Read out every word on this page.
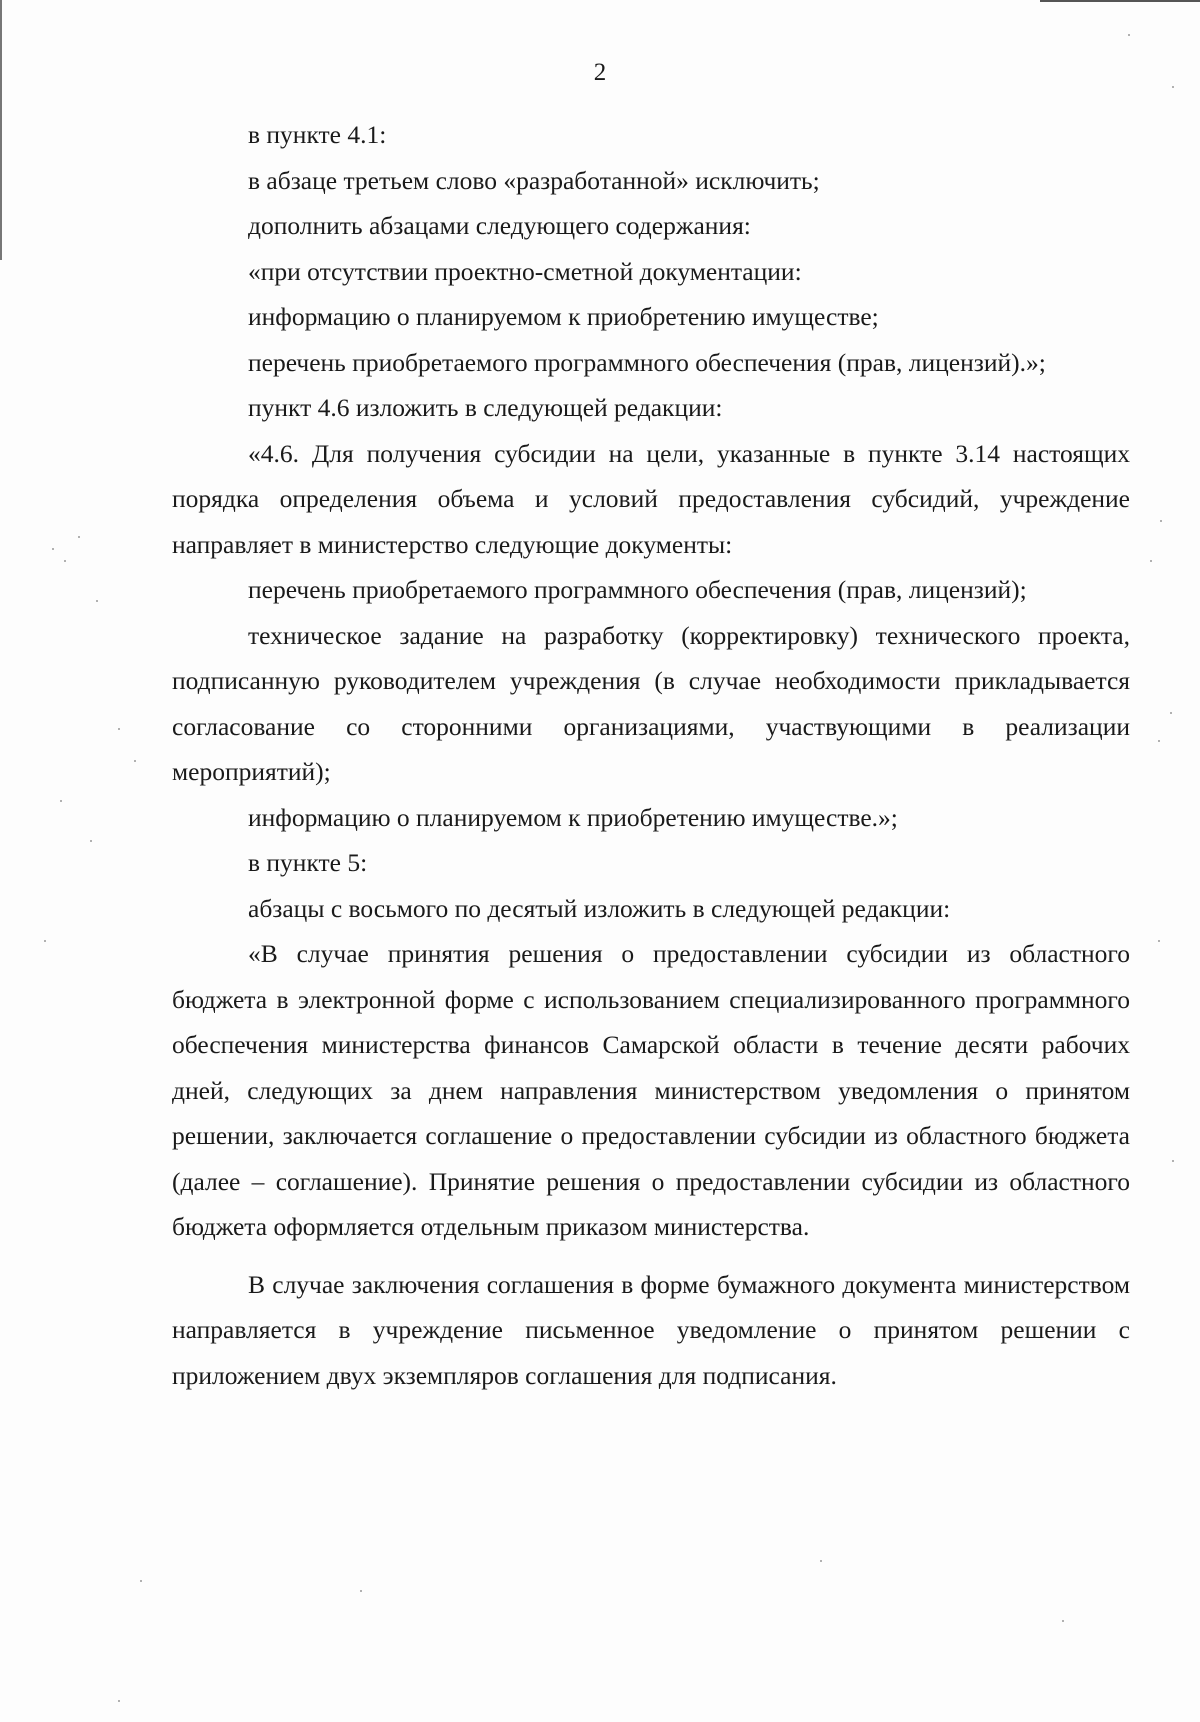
2

в пункте 4.1:

в абзаце третьем слово «разработанной» исключить;

дополнить абзацами следующего содержания:

«при отсутствии проектно-сметной документации:

информацию о планируемом к приобретению имуществе;

перечень приобретаемого программного обеспечения (прав, лицензий).»;

пункт 4.6 изложить в следующей редакции:

«4.6. Для получения субсидии на цели, указанные в пункте 3.14 настоящих порядка определения объема и условий предоставления субсидий, учреждение направляет в министерство следующие документы:

перечень приобретаемого программного обеспечения (прав, лицензий);

техническое задание на разработку (корректировку) технического проекта, подписанную руководителем учреждения (в случае необходимости прикладывается согласование со сторонними организациями, участвующими в реализации мероприятий);

информацию о планируемом к приобретению имуществе.»;

в пункте 5:

абзацы с восьмого по десятый изложить в следующей редакции:

«В случае принятия решения о предоставлении субсидии из областного бюджета в электронной форме с использованием специализированного программного обеспечения министерства финансов Самарской области в течение десяти рабочих дней, следующих за днем направления министерством уведомления о принятом решении, заключается соглашение о предоставлении субсидии из областного бюджета (далее – соглашение). Принятие решения о предоставлении субсидии из областного бюджета оформляется отдельным приказом министерства.

В случае заключения соглашения в форме бумажного документа министерством направляется в учреждение письменное уведомление о принятом решении с приложением двух экземпляров соглашения для подписания.
